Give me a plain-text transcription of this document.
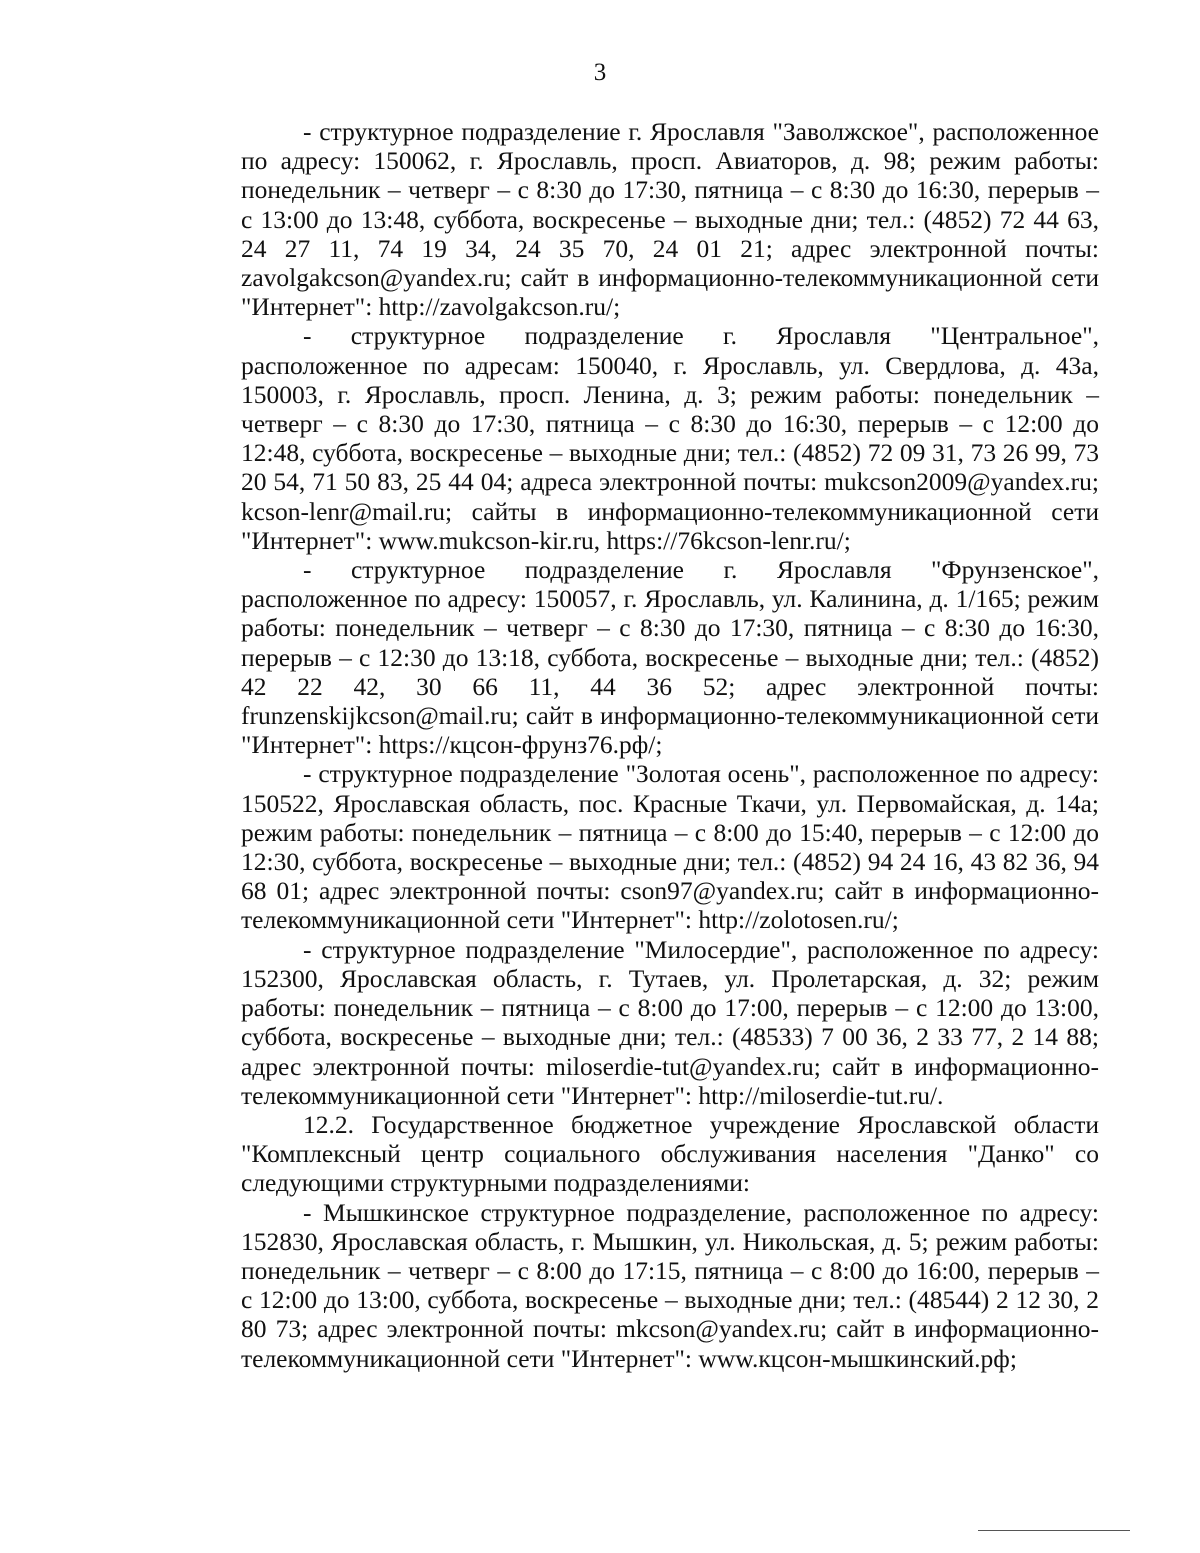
3

- структурное подразделение г. Ярославля "Заволжское", расположенное по адресу: 150062, г. Ярославль, просп. Авиаторов, д. 98; режим работы: понедельник – четверг – с 8:30 до 17:30, пятница – с 8:30 до 16:30, перерыв – с 13:00 до 13:48, суббота, воскресенье – выходные дни; тел.: (4852) 72 44 63, 24 27 11, 74 19 34, 24 35 70, 24 01 21; адрес электронной почты: zavolgakcson@yandex.ru; сайт в информационно-телекоммуникационной сети "Интернет": http://zavolgakcson.ru/;

- структурное подразделение г. Ярославля "Центральное", расположенное по адресам: 150040, г. Ярославль, ул. Свердлова, д. 43а, 150003, г. Ярославль, просп. Ленина, д. 3; режим работы: понедельник – четверг – с 8:30 до 17:30, пятница – с 8:30 до 16:30, перерыв – с 12:00 до 12:48, суббота, воскресенье – выходные дни; тел.: (4852) 72 09 31, 73 26 99, 73 20 54, 71 50 83, 25 44 04; адреса электронной почты: mukcson2009@yandex.ru; kcson-lenr@mail.ru; сайты в информационно-телекоммуникационной сети "Интернет": www.mukcson-kir.ru, https://76kcson-lenr.ru/;

- структурное подразделение г. Ярославля "Фрунзенское", расположенное по адресу: 150057, г. Ярославль, ул. Калинина, д. 1/165; режим работы: понедельник – четверг – с 8:30 до 17:30, пятница – с 8:30 до 16:30, перерыв – с 12:30 до 13:18, суббота, воскресенье – выходные дни; тел.: (4852) 42 22 42, 30 66 11, 44 36 52; адрес электронной почты: frunzenskijkcson@mail.ru; сайт в информационно-телекоммуникационной сети "Интернет": https://кцсон-фрунз76.рф/;

- структурное подразделение "Золотая осень", расположенное по адресу: 150522, Ярославская область, пос. Красные Ткачи, ул. Первомайская, д. 14а; режим работы: понедельник – пятница – с 8:00 до 15:40, перерыв – с 12:00 до 12:30, суббота, воскресенье – выходные дни; тел.: (4852) 94 24 16, 43 82 36, 94 68 01; адрес электронной почты: cson97@yandex.ru; сайт в информационно-телекоммуникационной сети "Интернет": http://zolotosen.ru/;

- структурное подразделение "Милосердие", расположенное по адресу: 152300, Ярославская область, г. Тутаев, ул. Пролетарская, д. 32; режим работы: понедельник – пятница – с 8:00 до 17:00, перерыв – с 12:00 до 13:00, суббота, воскресенье – выходные дни; тел.: (48533) 7 00 36, 2 33 77, 2 14 88; адрес электронной почты: miloserdie-tut@yandex.ru; сайт в информационно-телекоммуникационной сети "Интернет": http://miloserdie-tut.ru/.

12.2. Государственное бюджетное учреждение Ярославской области "Комплексный центр социального обслуживания населения "Данко" со следующими структурными подразделениями:

- Мышкинское структурное подразделение, расположенное по адресу: 152830, Ярославская область, г. Мышкин, ул. Никольская, д. 5; режим работы: понедельник – четверг – с 8:00 до 17:15, пятница – с 8:00 до 16:00, перерыв – с 12:00 до 13:00, суббота, воскресенье – выходные дни; тел.: (48544) 2 12 30, 2 80 73; адрес электронной почты: mkcson@yandex.ru; сайт в информационно-телекоммуникационной сети "Интернет": www.кцсон-мышкинский.рф;
